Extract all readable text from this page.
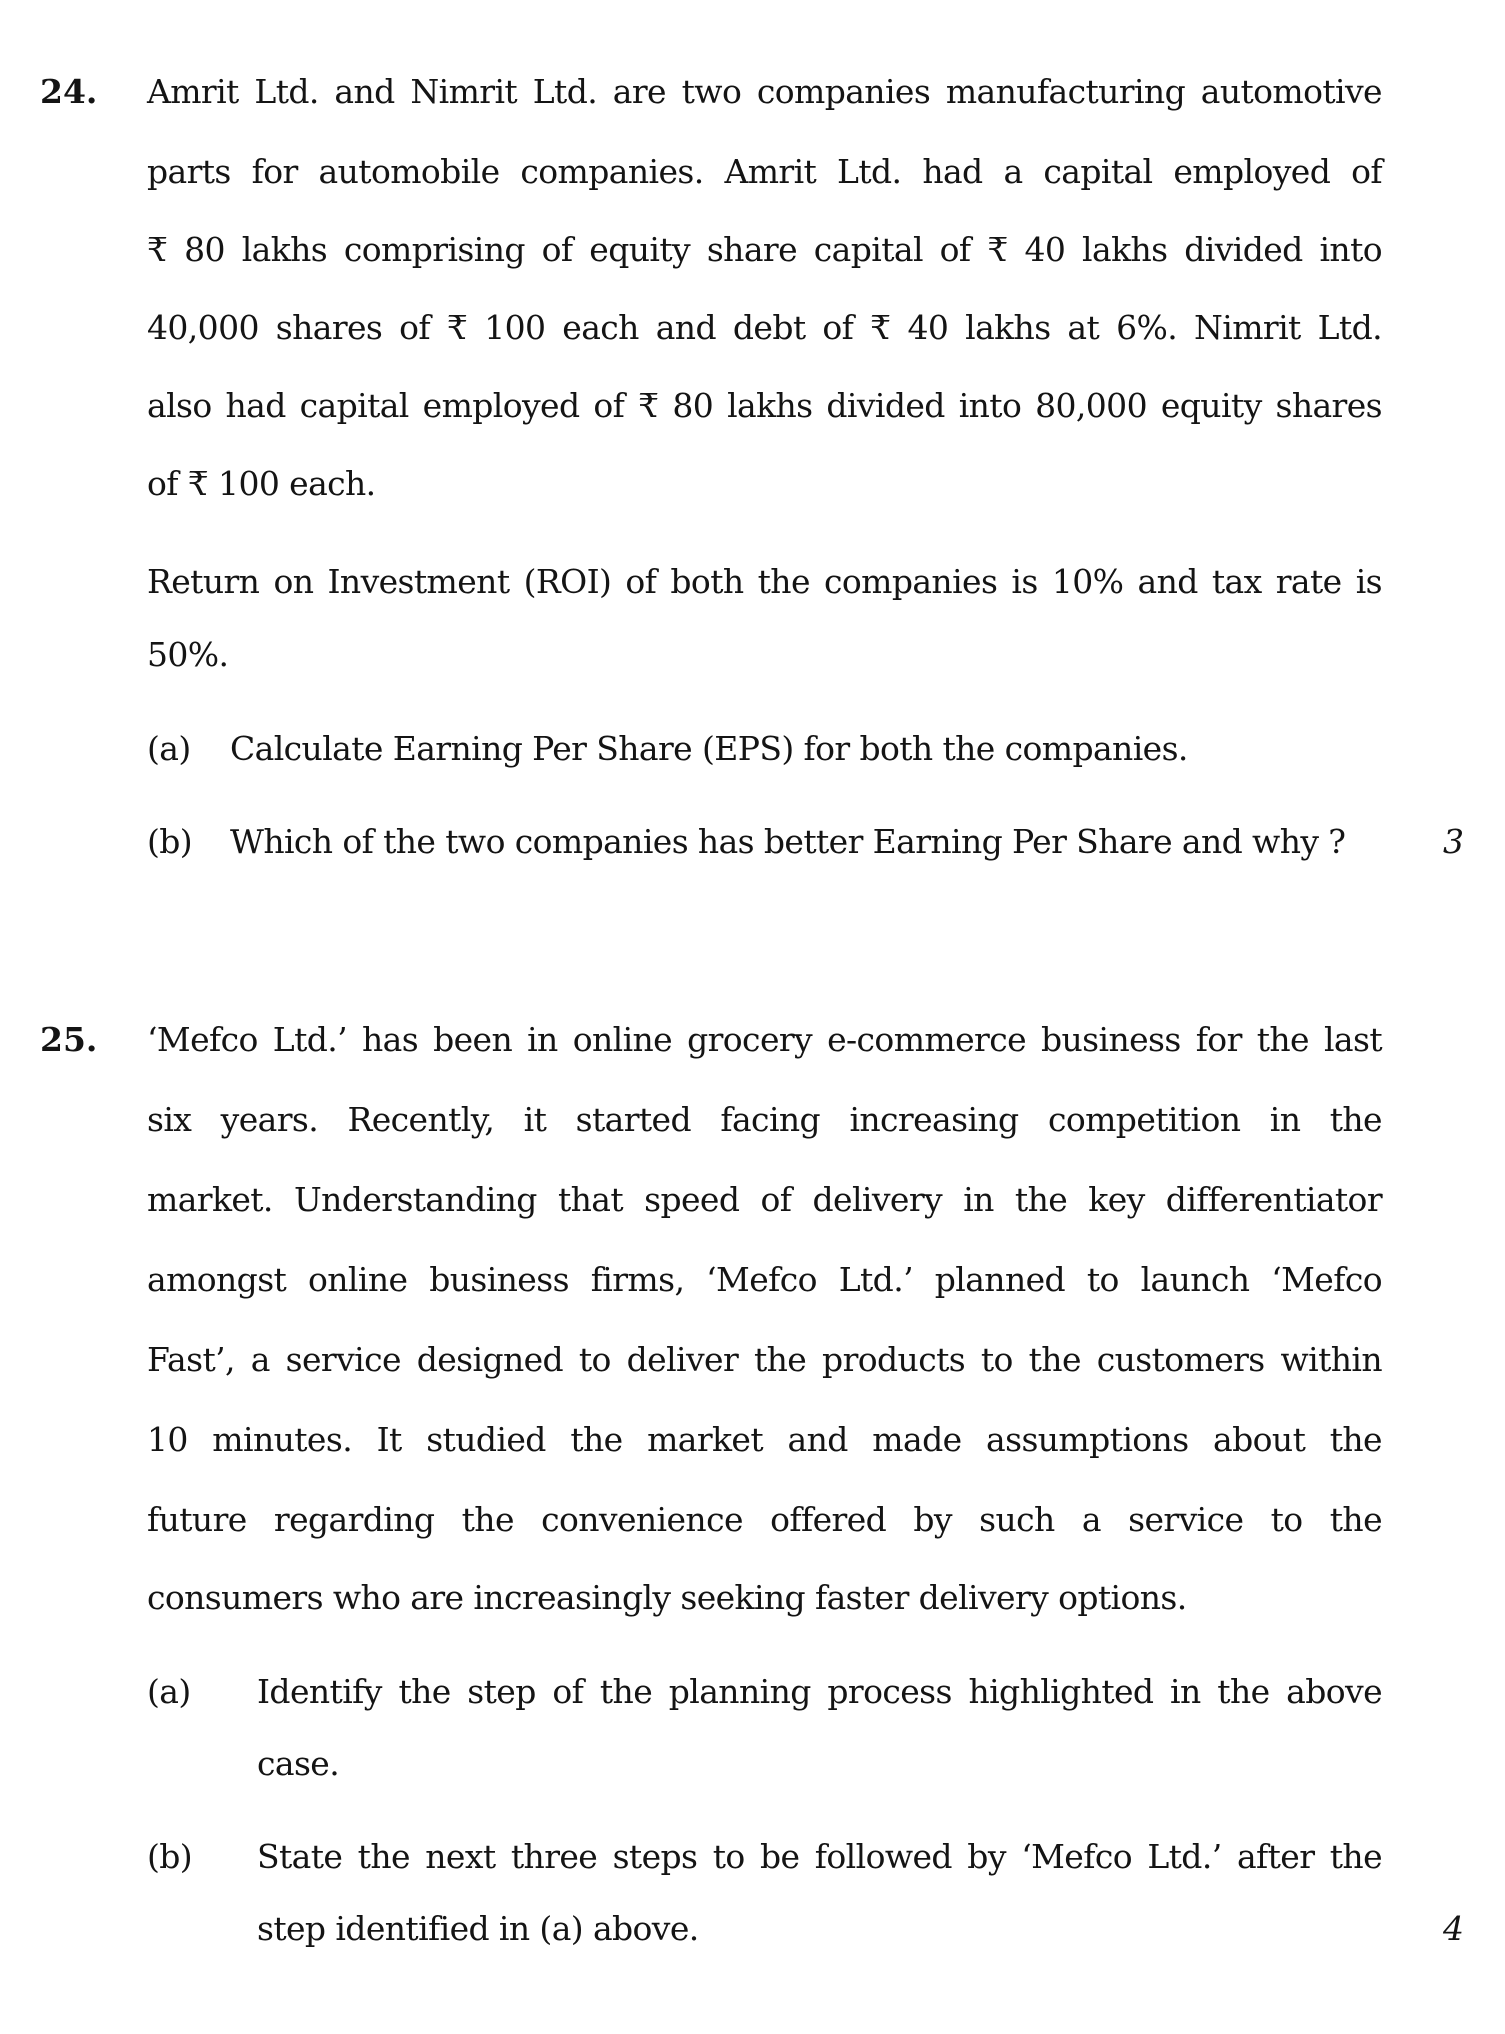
24. Amrit Ltd. and Nimrit Ltd. are two companies manufacturing automotive
parts for automobile companies. Amrit Ltd. had a capital employed of
₹ 80 lakhs comprising of equity share capital of ₹ 40 lakhs divided into
40,000 shares of ₹ 100 each and debt of ₹ 40 lakhs at 6%. Nimrit Ltd.
also had capital employed of ₹ 80 lakhs divided into 80,000 equity shares
of ₹ 100 each.
Return on Investment (ROI) of both the companies is 10% and tax rate is
50%.
(a) Calculate Earning Per Share (EPS) for both the companies.
(b) Which of the two companies has better Earning Per Share and why ?	3
25. ‘Mefco Ltd.’ has been in online grocery e-commerce business for the last
six years. Recently, it started facing increasing competition in the
market. Understanding that speed of delivery in the key differentiator
amongst online business firms, ‘Mefco Ltd.’ planned to launch ‘Mefco
Fast’, a service designed to deliver the products to the customers within
10 minutes. It studied the market and made assumptions about the
future regarding the convenience offered by such a service to the
consumers who are increasingly seeking faster delivery options.
(a) Identify the step of the planning process highlighted in the above
case.
(b) State the next three steps to be followed by ‘Mefco Ltd.’ after the
step identified in (a) above.	4
